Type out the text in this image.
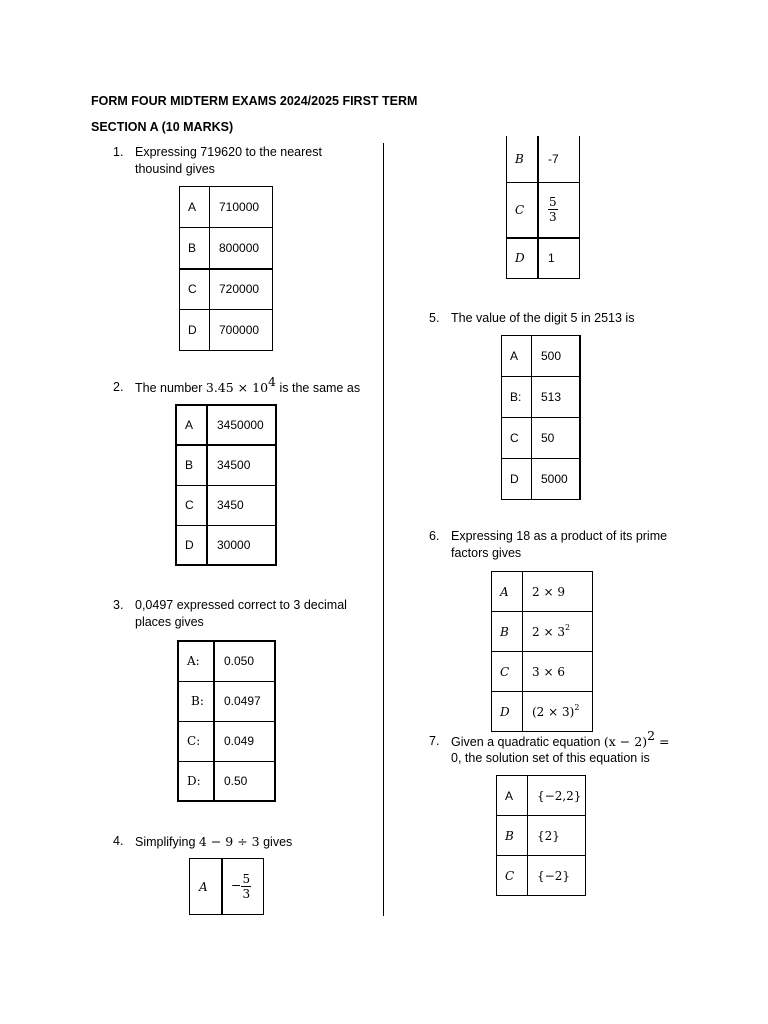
FORM FOUR MIDTERM EXAMS 2024/2025 FIRST TERM
SECTION A (10 MARKS)
1. Expressing 719620 to the nearest
thousind gives
A	710000
B	800000
C	720000
D	700000
2. The number $3.45 \times 10^4$ is the same as
A	3450000
B	34500
C	3450
D	30000
3. 0,0497 expressed correct to 3 decimal
places gives
A:	0.050
B:	0.0497
C:	0.049
D:	0.50
4. Simplifying 4 − 9 ÷ 3 gives
A	− $\frac{5}{3}$
B	-7
C	$\frac{5}{3}$

D	1
5. The value of the digit 5 in 2513 is
A	500
B:	513
C	50
D	5000
6. Expressing 18 as a product of its prime
factors gives
A	2 × 9
B	$2 \times 3^2$
C	3 × 6
D	$(2 \times 3)^2$
7. Given a quadratic equation $(x - 2)^2$ =
0, the solution set of this equation is
A	{−2,2}
B	{2}
C	{−2}
